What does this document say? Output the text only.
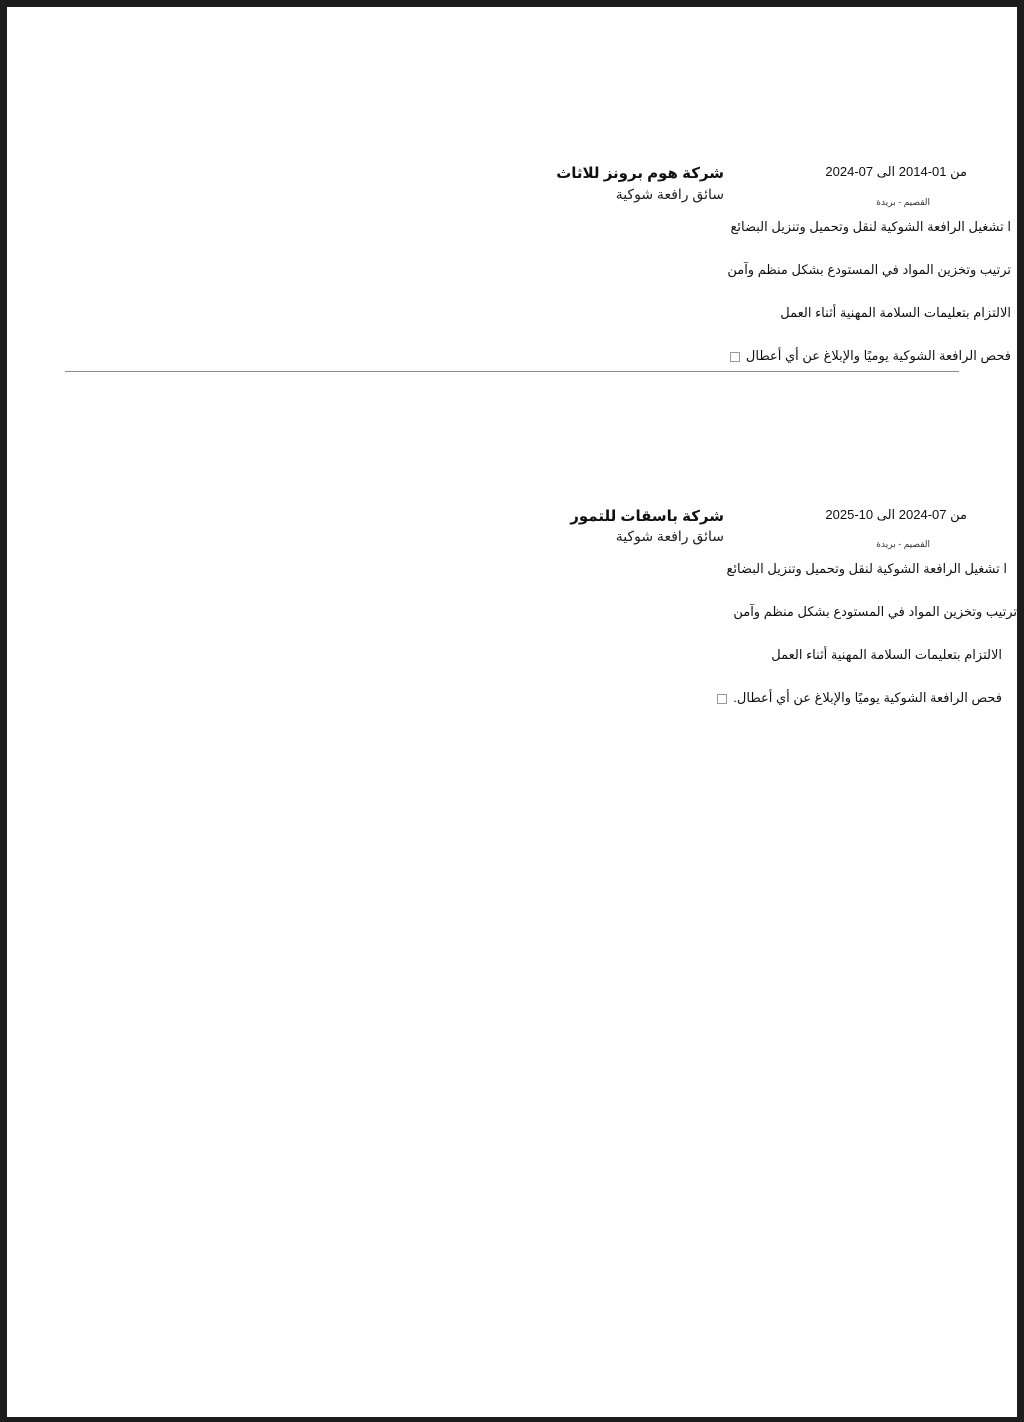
شركة هوم برونز للاثاث
سائق رافعة شوكية
من 01-2014 الى 07-2024
القصيم - بريدة
ا تشغيل الرافعة الشوكية لنقل وتحميل وتنزيل البضائع
ترتيب وتخزين المواد في المستودع بشكل منظم وآمن
الالتزام بتعليمات السلامة المهنية أثناء العمل
فحص الرافعة الشوكية يوميًا والإبلاغ عن أي أعطال
شركة باسقات للتمور
سائق رافعة شوكية
من 07-2024 الى 10-2025
القصيم - بريدة
ا تشغيل الرافعة الشوكية لنقل وتحميل وتنزيل البضائع
ترتيب وتخزين المواد في المستودع بشكل منظم وآمن
الالتزام بتعليمات السلامة المهنية أثناء العمل
فحص الرافعة الشوكية يوميًا والإبلاغ عن أي أعطال.
